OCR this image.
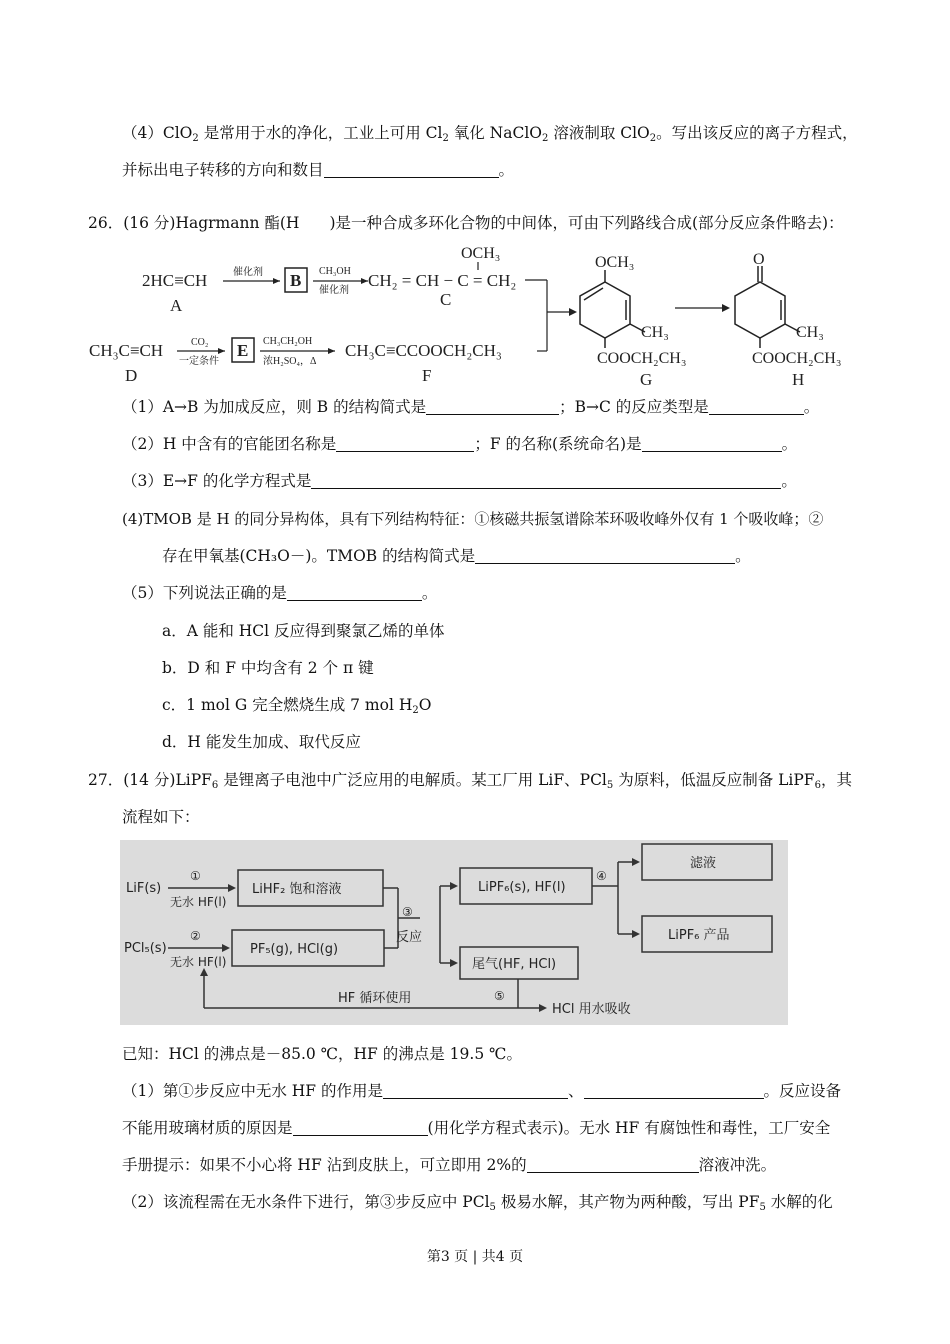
（4）ClO$_2$ 是常用于水的净化，工业上可用 $Cl_2$ 氧化 NaClO$_2$ 溶液制取 ClO$_2$。写出该反应的离子方程式，
并标出电子转移的方向和数目	。
26．(16 分)Hagrmann 酯(H )是一种合成多环化合物的中间体，可由下列路线合成(部分反应条件略去)：
2HC≡CH
A
催化剂 B CH₃OH
催化剂
CH₂ = CH − C = CH₂
OCH₃
C
CH₃C≡CH
D
CO₂
一定条件
E CH₃CH₂OH
浓H₂SO₄，Δ
CH₃C≡CCOOCH₂CH₃
F
OCH₃
CH₃
COOCH₂CH₃
G
O
CH₃
COOCH₂CH₃
H
（1）A→B 为加成反应，则 B 的结构简式是	；B→C 的反应类型是	。
（2）H 中含有的官能团名称是	；F 的名称(系统命名)是	。
（3）E→F 的化学方程式是	。
(4)TMOB 是 H 的同分异构体，具有下列结构特征：①核磁共振氢谱除苯环吸收峰外仅有 1 个吸收峰；②
存在甲氧基(CH₃O－)。TMOB 的结构简式是	。
（5）下列说法正确的是	。
a．A 能和 HCl 反应得到聚氯乙烯的单体
b．D 和 F 中均含有 2 个 π 键
c．1 mol G 完全燃烧生成 7 mol $H_2O$
d．H 能发生加成、取代反应
27．(14 分)LiPF$_6$ 是锂离子电池中广泛应用的电解质。某工厂用 LiF、PCl$_5$ 为原料，低温反应制备 LiPF$_6$，其
流程如下：
LiF(s)
①
无水 HF(l)
LiHF₂ 饱和溶液
PCl₅(s)
②
无水 HF(l)
PF₅(g), HCl(g)
③
反应
LiPF₆(s), HF(l)
④
滤液
LiPF₆ 产品
尾气(HF, HCl)
⑤
HF 循环使用
HCl 用水吸收
已知：HCl 的沸点是－85.0 ℃，HF 的沸点是 19.5 ℃。
（1）第①步反应中无水 HF 的作用是	、	。反应设备
不能用玻璃材质的原因是	(用化学方程式表示)。无水 HF 有腐蚀性和毒性，工厂安全
手册提示：如果不小心将 HF 沾到皮肤上，可立即用 2%的	溶液冲洗。
（2）该流程需在无水条件下进行，第③步反应中 PCl$_5$ 极易水解，其产物为两种酸，写出 $PF_5$ 水解的化
第3 页 | 共4 页
